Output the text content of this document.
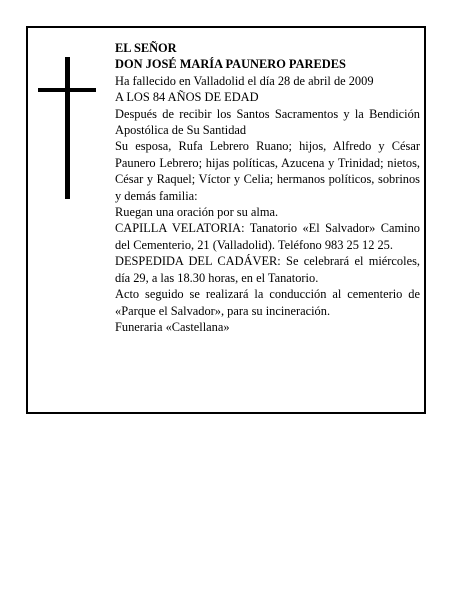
EL SEÑOR

DON JOSÉ MARÍA PAUNERO PAREDES

Ha fallecido en Valladolid el día 28 de abril de 2009

A LOS 84 AÑOS DE EDAD

Después de recibir los Santos Sacramentos y la Bendición Apostólica de Su Santidad

Su esposa, Rufa Lebrero Ruano; hijos, Alfredo y César Paunero Lebrero; hijas políticas, Azucena y Trinidad; nietos, César y Raquel; Víctor y Celia; hermanos políticos, sobrinos y demás familia:

Ruegan una oración por su alma.

CAPILLA VELATORIA: Tanatorio «El Salvador» Camino del Cementerio, 21 (Valladolid). Teléfono 983 25 12 25.

DESPEDIDA DEL CADÁVER: Se celebrará el miércoles, día 29, a las 18.30 horas, en el Tanatorio.

Acto seguido se realizará la conducción al cementerio de «Parque el Salvador», para su incineración.

Funeraria «Castellana»
